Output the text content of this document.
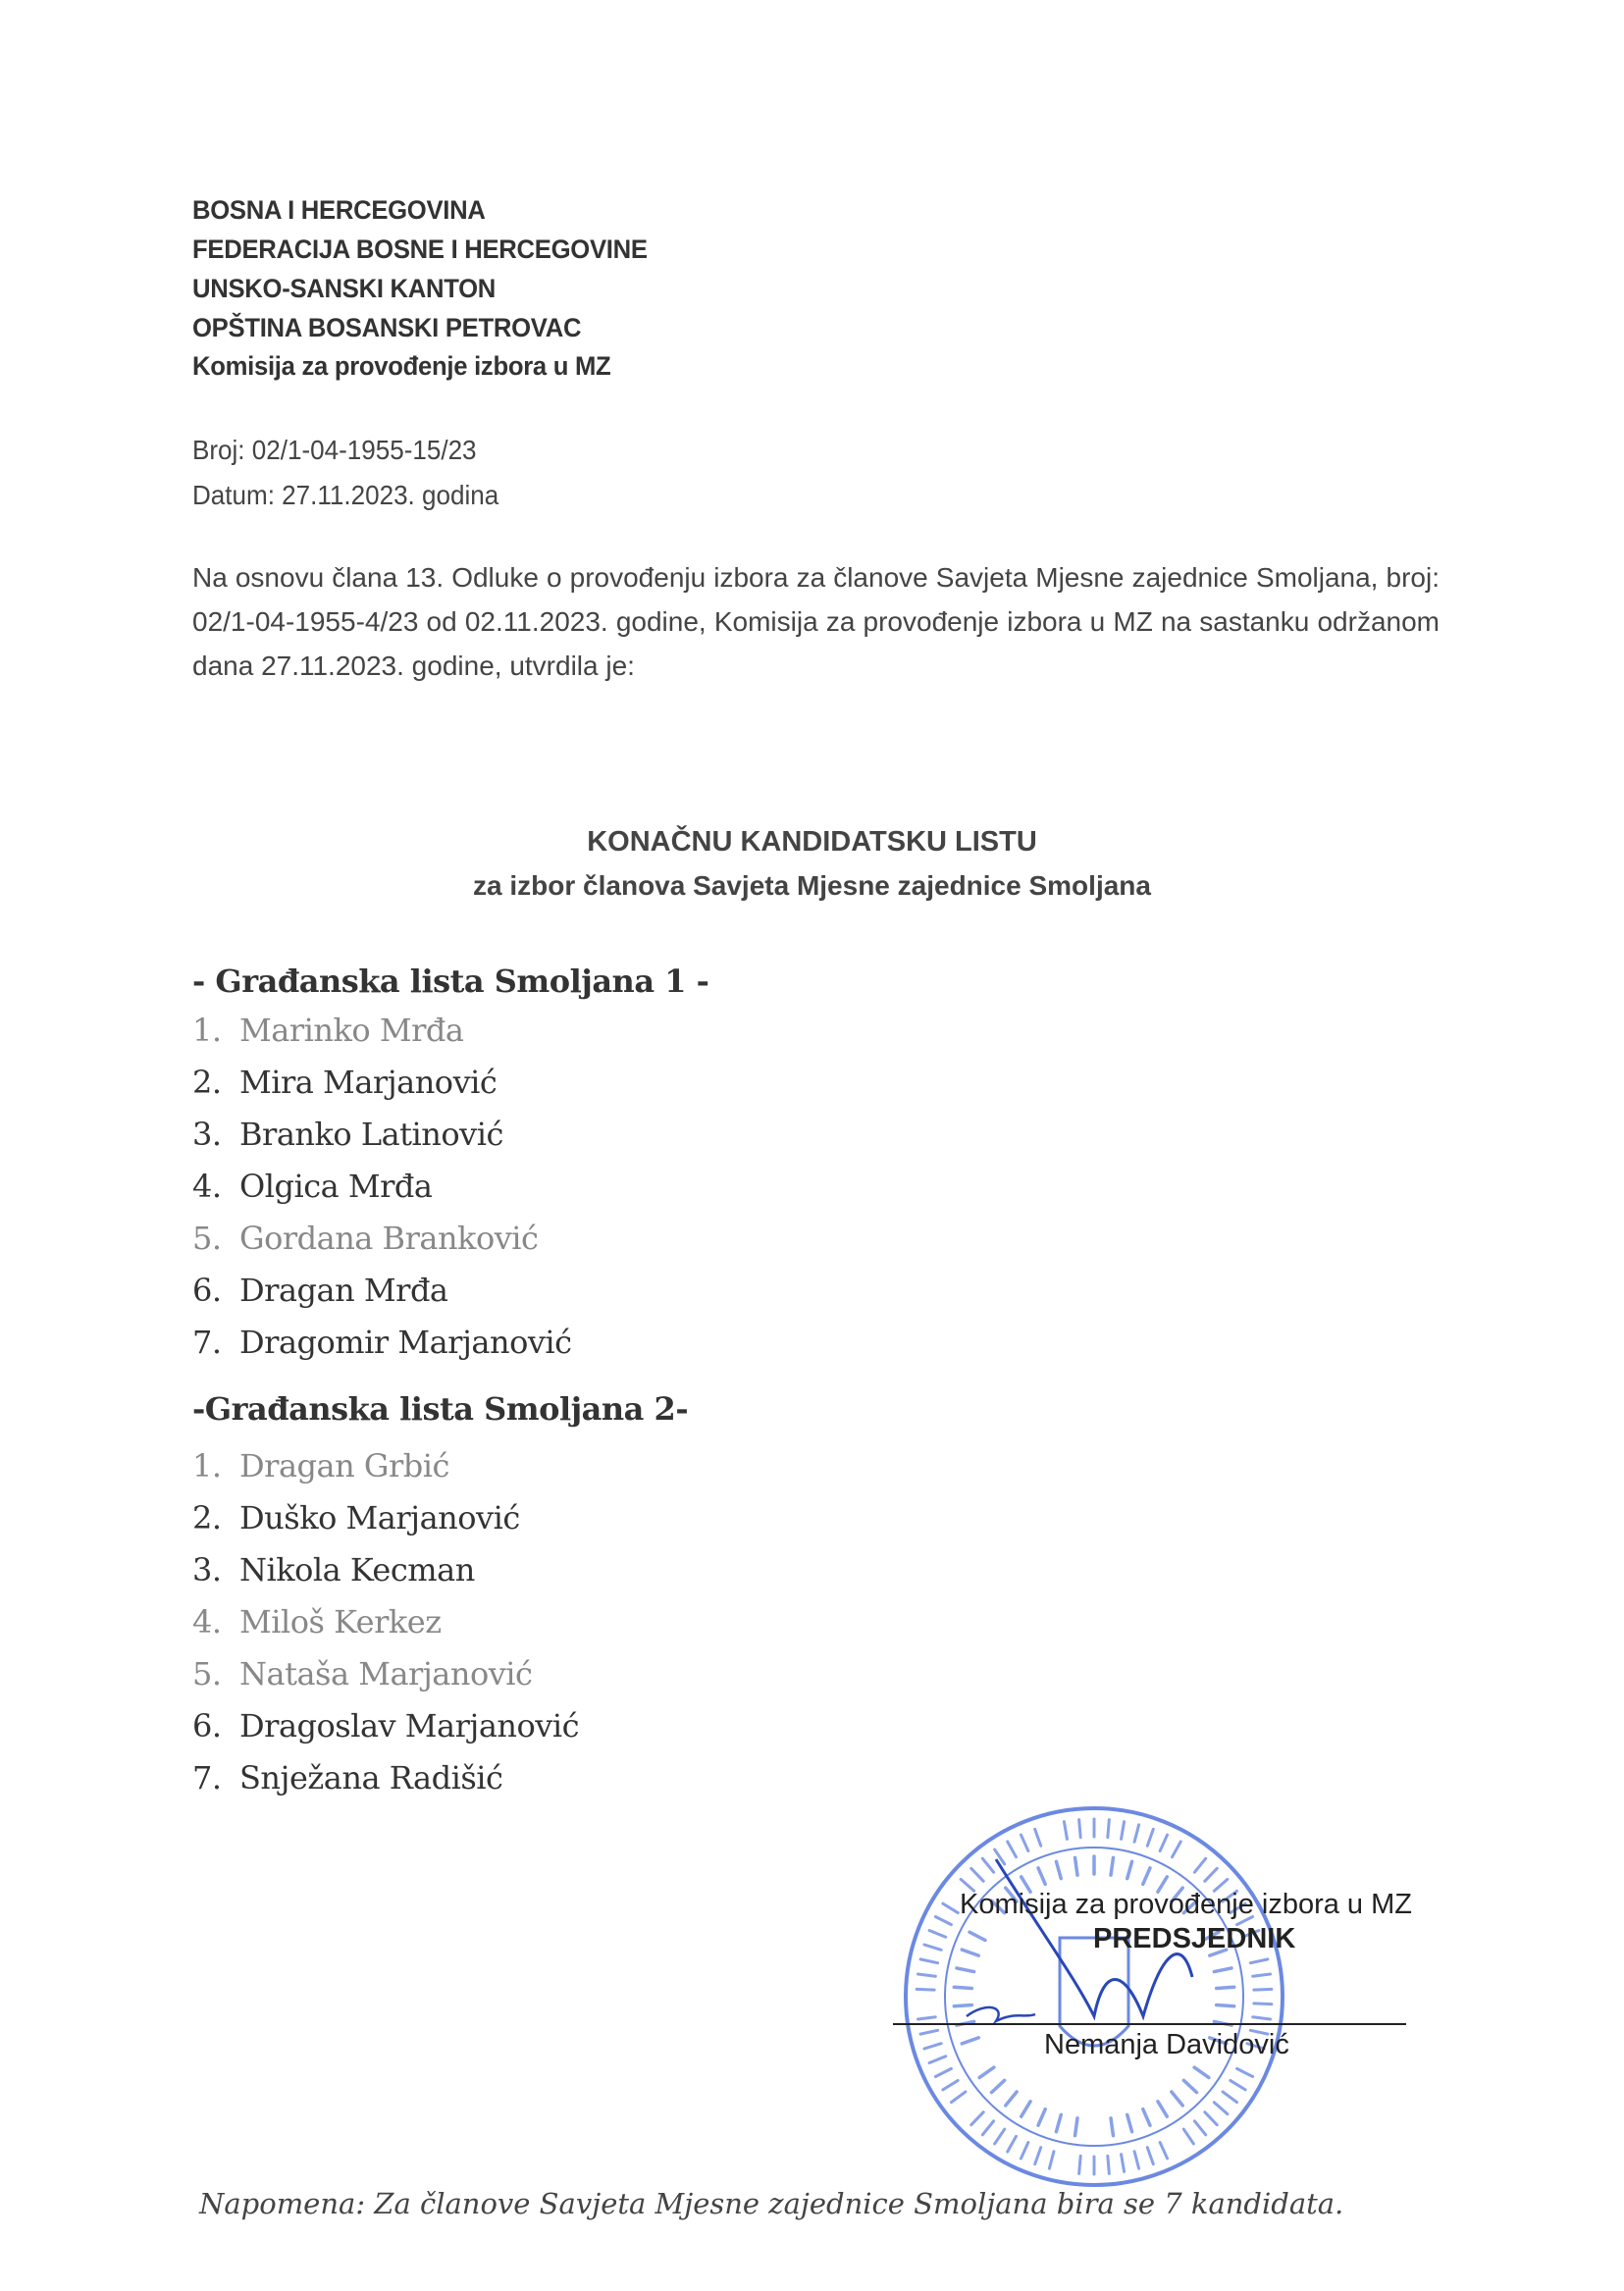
BOSNA I HERCEGOVINA
FEDERACIJA BOSNE I HERCEGOVINE
UNSKO-SANSKI KANTON
OPŠTINA BOSANSKI PETROVAC
Komisija za provođenje izbora u MZ
Broj: 02/1-04-1955-15/23
Datum: 27.11.2023. godina
Na osnovu člana 13. Odluke o provođenju izbora za članove Savjeta Mjesne zajednice Smoljana, broj: 02/1-04-1955-4/23 od 02.11.2023. godine, Komisija za provođenje izbora u MZ na sastanku održanom dana 27.11.2023. godine, utvrdila je:
KONAČNU KANDIDATSKU LISTU
za izbor članova Savjeta Mjesne zajednice Smoljana
- Građanska lista Smoljana 1 -
1. Marinko Mrđa
2. Mira Marjanović
3. Branko Latinović
4. Olgica Mrđa
5. Gordana Branković
6. Dragan Mrđa
7. Dragomir Marjanović
-Građanska lista Smoljana 2-
1. Dragan Grbić
2. Duško Marjanović
3. Nikola Kecman
4. Miloš Kerkez
5. Nataša Marjanović
6. Dragoslav Marjanović
7. Snježana Radišić
Komisija za provođenje izbora u MZ
PREDSJEDNIK
Nemanja Davidović
Napomena: Za članove Savjeta Mjesne zajednice Smoljana bira se 7 kandidata.
